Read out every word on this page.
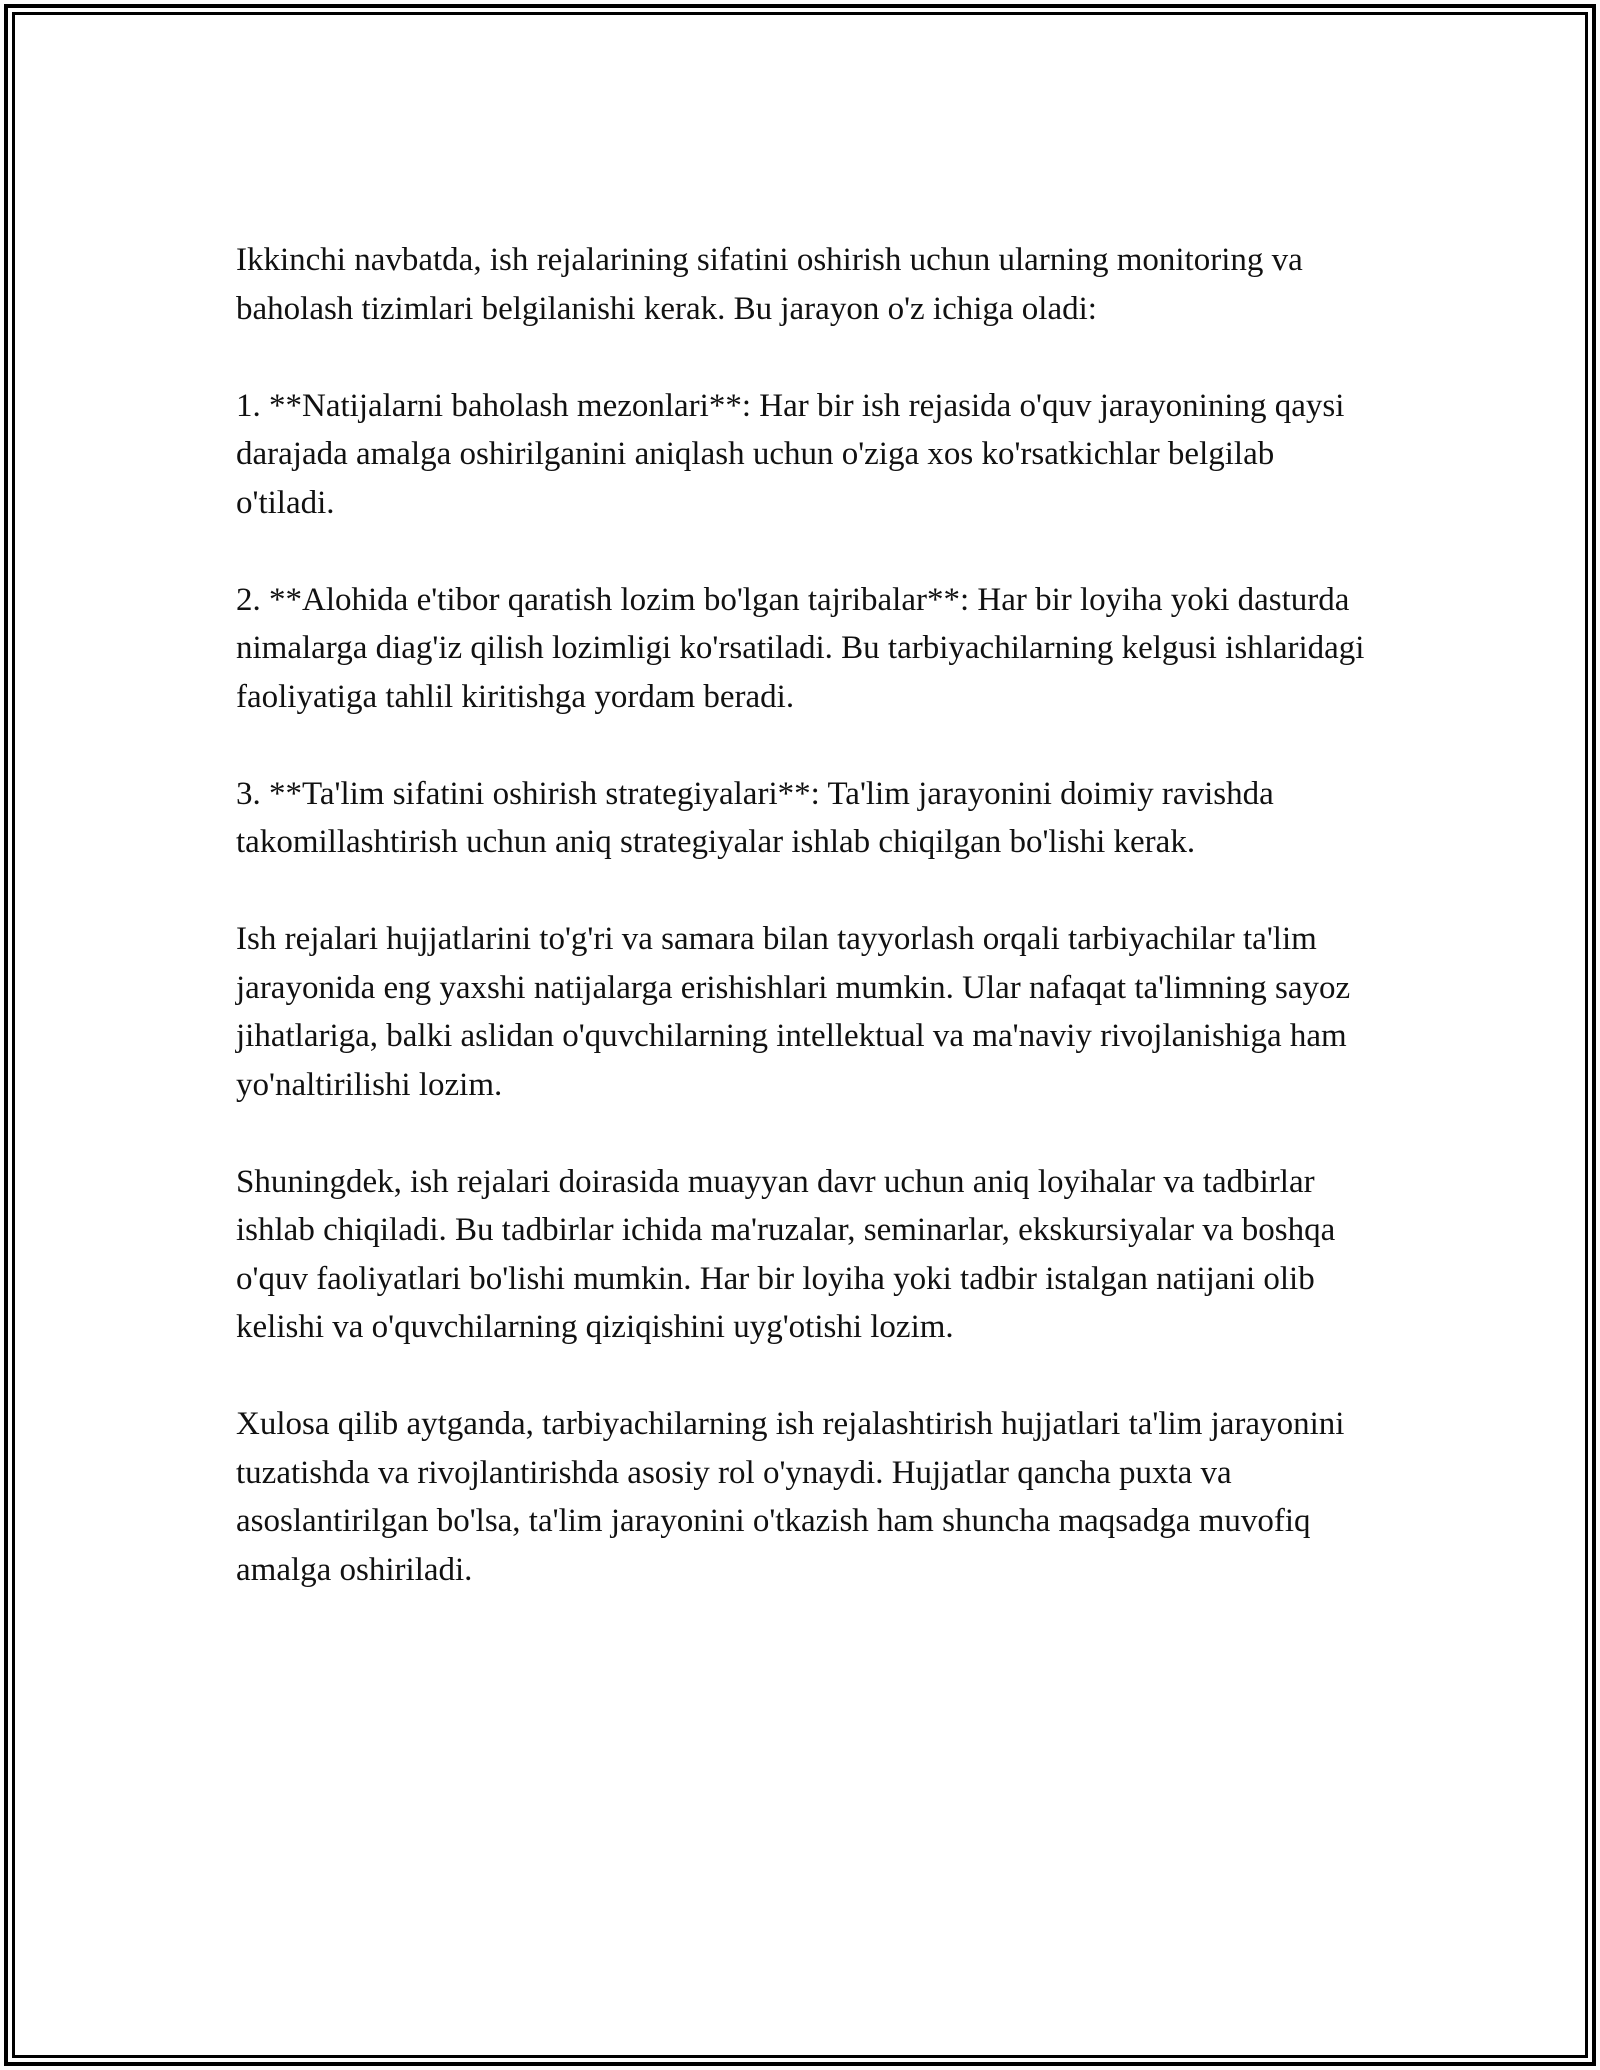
Ikkinchi navbatda, ish rejalarining sifatini oshirish uchun ularning monitoring va baholash tizimlari belgilanishi kerak. Bu jarayon o'z ichiga oladi:

1. **Natijalarni baholash mezonlari**: Har bir ish rejasida o'quv jarayonining qaysi darajada amalga oshirilganini aniqlash uchun o'ziga xos ko'rsatkichlar belgilab o'tiladi.

2. **Alohida e'tibor qaratish lozim bo'lgan tajribalar**: Har bir loyiha yoki dasturda nimalarga diag'iz qilish lozimligi ko'rsatiladi. Bu tarbiyachilarning kelgusi ishlaridagi faoliyatiga tahlil kiritishga yordam beradi.

3. **Ta'lim sifatini oshirish strategiyalari**: Ta'lim jarayonini doimiy ravishda takomillashtirish uchun aniq strategiyalar ishlab chiqilgan bo'lishi kerak.

Ish rejalari hujjatlarini to'g'ri va samara bilan tayyorlash orqali tarbiyachilar ta'lim jarayonida eng yaxshi natijalarga erishishlari mumkin. Ular nafaqat ta'limning sayoz jihatlariga, balki aslidan o'quvchilarning intellektual va ma'naviy rivojlanishiga ham yo'naltirilishi lozim.

Shuningdek, ish rejalari doirasida muayyan davr uchun aniq loyihalar va tadbirlar ishlab chiqiladi. Bu tadbirlar ichida ma'ruzalar, seminarlar, ekskursiyalar va boshqa o'quv faoliyatlari bo'lishi mumkin. Har bir loyiha yoki tadbir istalgan natijani olib kelishi va o'quvchilarning qiziqishini uyg'otishi lozim.

Xulosa qilib aytganda, tarbiyachilarning ish rejalashtirish hujjatlari ta'lim jarayonini tuzatishda va rivojlantirishda asosiy rol o'ynaydi. Hujjatlar qancha puxta va asoslantirilgan bo'lsa, ta'lim jarayonini o'tkazish ham shuncha maqsadga muvofiq amalga oshiriladi.
